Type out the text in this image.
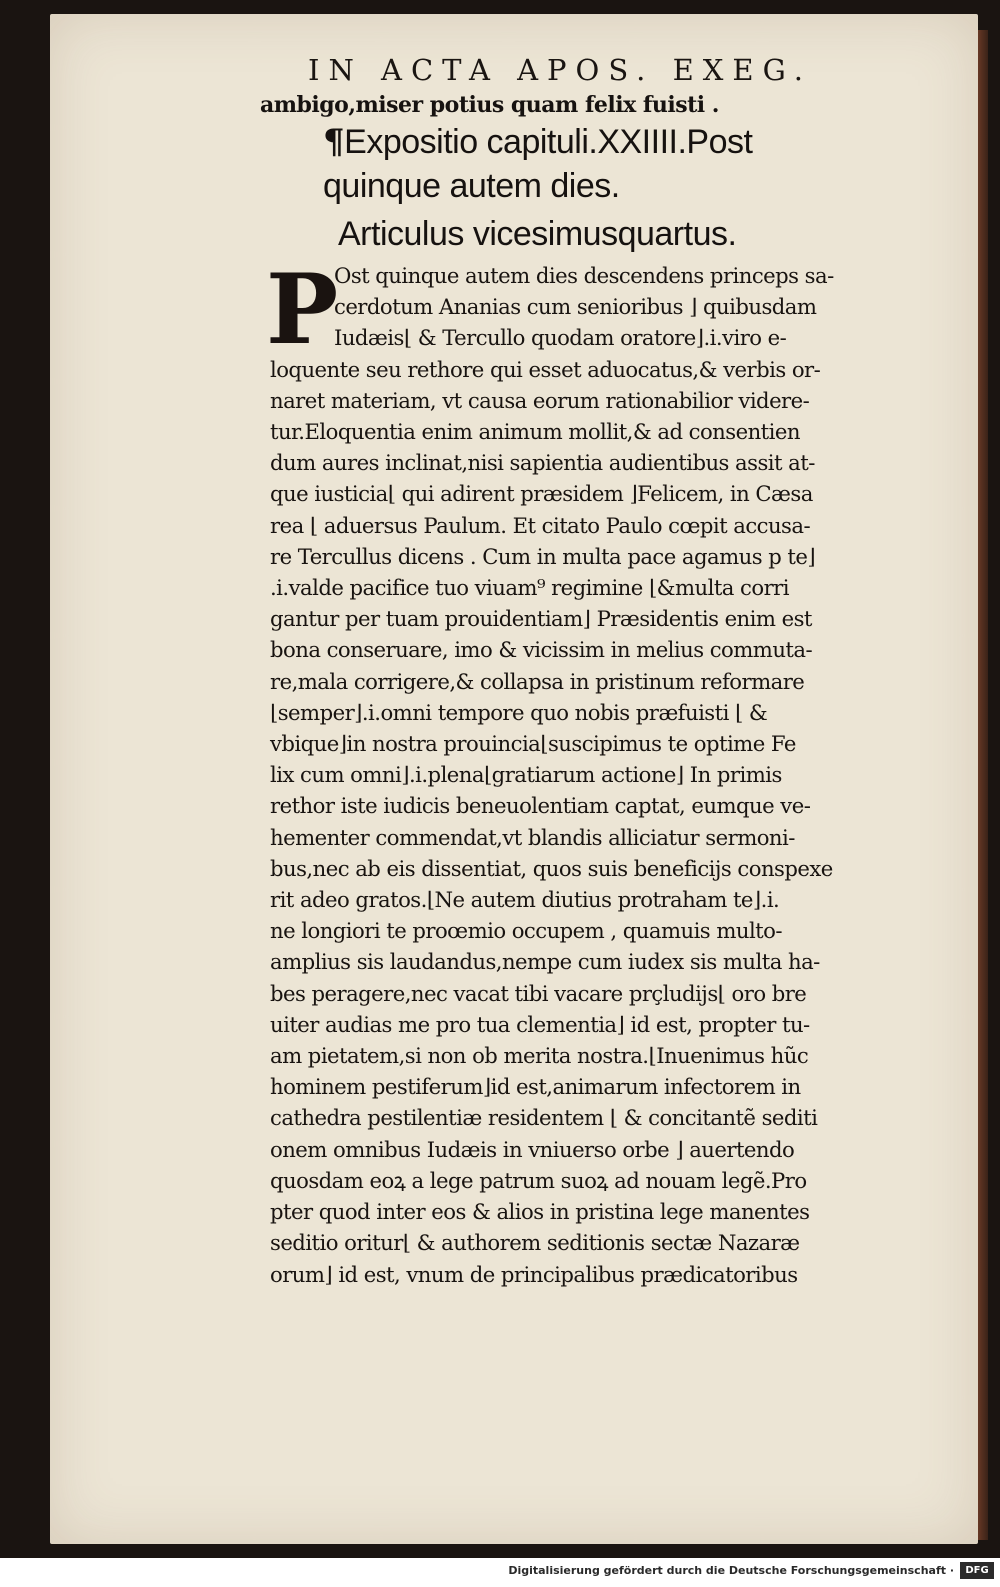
IN ACTA APOS. EXEG.
ambigo,miser potius quam felix fuisti .
¶Expositio capituli.XXIIII.Post
quinque autem dies.
Articulus vicesimusquartus.
P
Ost quinque autem dies descendens princeps sa-
cerdotum Ananias cum senioribus ⌋ quibusdam
Iudæis⌊ & Tercullo quodam oratore⌋.i.viro e-
loquente seu rethore qui esset aduocatus,& verbis or-
naret materiam, vt causa eorum rationabilior videre-
tur.Eloquentia enim animum mollit,& ad consentien
dum aures inclinat,nisi sapientia audientibus assit at-
que iusticia⌊ qui adirent præsidem ⌋Felicem, in Cæsa
rea ⌊ aduersus Paulum. Et citato Paulo cœpit accusa-
re Tercullus dicens . Cum in multa pace agamus p te⌋
.i.valde pacifice tuo viuam⁹ regimine ⌊&multa corri
gantur per tuam prouidentiam⌋ Præsidentis enim est
bona conseruare, imo & vicissim in melius commuta-
re,mala corrigere,& collapsa in pristinum reformare
⌊semper⌋.i.omni tempore quo nobis præfuisti ⌊ &
vbique⌋in nostra prouincia⌊suscipimus te optime Fe
lix cum omni⌋.i.plena⌊gratiarum actione⌋ In primis
rethor iste iudicis beneuolentiam captat, eumque ve-
hementer commendat,vt blandis alliciatur sermoni-
bus,nec ab eis dissentiat, quos suis beneficijs conspexe
rit adeo gratos.⌊Ne autem diutius protraham te⌋.i.
ne longiori te proœmio occupem , quamuis multo-
amplius sis laudandus,nempe cum iudex sis multa ha-
bes peragere,nec vacat tibi vacare prçludijs⌊ oro bre
uiter audias me pro tua clementia⌋ id est, propter tu-
am pietatem,si non ob merita nostra.⌊Inuenimus hũc
hominem pestiferum⌋id est,animarum infectorem in
cathedra pestilentiæ residentem ⌊ & concitantẽ sediti
onem omnibus Iudæis in vniuerso orbe ⌋ auertendo
quosdam eoꝝ a lege patrum suoꝝ ad nouam legẽ.Pro
pter quod inter eos & alios in pristina lege manentes
seditio oritur⌊ & authorem seditionis sectæ Nazaræ
orum⌋ id est, vnum de principalibus prædicatoribus
Digitalisierung gefördert durch die Deutsche Forschungsgemeinschaft ·	DFG
